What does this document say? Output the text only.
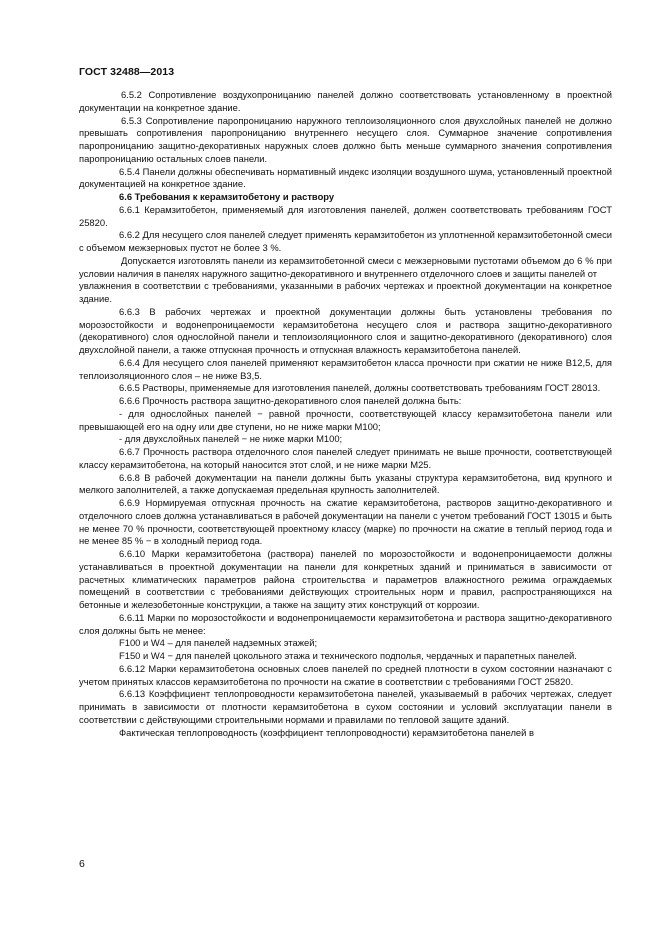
ГОСТ 32488—2013

6.5.2 Сопротивление воздухопроницанию панелей должно соответствовать установленному в проектной документации на конкретное здание.

6.5.3 Сопротивление паропроницанию наружного теплоизоляционного слоя двухслойных панелей не должно превышать сопротивления паропроницанию внутреннего несущего слоя. Суммарное значение сопротивления паропроницанию защитно-декоративных наружных слоев должно быть меньше суммарного значения сопротивления паропроницанию остальных слоев панели.

6.5.4 Панели должны обеспечивать нормативный индекс изоляции воздушного шума, установленный проектной документацией на конкретное здание.

6.6 Требования к керамзитобетону и раствору

6.6.1 Керамзитобетон, применяемый для изготовления панелей, должен соответствовать требованиям ГОСТ 25820.

6.6.2 Для несущего слоя панелей следует применять керамзитобетон из уплотненной керамзитобетонной смеси с объемом межзерновых пустот не более 3 %.

Допускается изготовлять панели из керамзитобетонной смеси с межзерновыми пустотами объемом до 6 % при условии наличия в панелях наружного защитно-декоративного и внутреннего отделочного слоев и защиты панелей от

увлажнения в соответствии с требованиями, указанными в рабочих чертежах и проектной документации на конкретное здание.

6.6.3 В рабочих чертежах и проектной документации должны быть установлены требования по морозостойкости и водонепроницаемости керамзитобетона несущего слоя и раствора защитно-декоративного (декоративного) слоя однослойной панели и теплоизоляционного слоя и защитно-декоративного (декоративного) слоя двухслойной панели, а также отпускная прочность и отпускная влажность керамзитобетона панелей.

6.6.4 Для несущего слоя панелей применяют керамзитобетон класса прочности при сжатии не ниже В12,5, для теплоизоляционного слоя – не ниже В3,5.

6.6.5 Растворы, применяемые для изготовления панелей, должны соответствовать требованиям ГОСТ 28013.

6.6.6 Прочность раствора защитно-декоративного слоя панелей должна быть:

- для однослойных панелей − равной прочности, соответствующей классу керамзитобетона панели или превышающей его на одну или две ступени, но не ниже марки М100;

- для двухслойных панелей − не ниже марки М100;

6.6.7 Прочность раствора отделочного слоя панелей следует принимать не выше прочности, соответствующей классу керамзитобетона, на который наносится этот слой, и не ниже марки М25.

6.6.8 В рабочей документации на панели должны быть указаны структура керамзитобетона, вид крупного и мелкого заполнителей, а также допускаемая предельная крупность заполнителей.

6.6.9 Нормируемая отпускная прочность на сжатие керамзитобетона, растворов защитно-декоративного и отделочного слоев должна устанавливаться в рабочей документации на панели с учетом требований ГОСТ 13015 и быть не менее 70 % прочности, соответствующей проектному классу (марке) по прочности на сжатие в теплый период года и не менее 85 % − в холодный период года.

6.6.10 Марки керамзитобетона (раствора) панелей по морозостойкости и водонепроницаемости должны устанавливаться в проектной документации на панели для конкретных зданий и приниматься в зависимости от расчетных климатических параметров района строительства и параметров влажностного режима ограждаемых помещений в соответствии с требованиями действующих строительных норм и правил, распространяющихся на бетонные и железобетонные конструкции, а также на защиту этих конструкций от коррозии.

6.6.11 Марки по морозостойкости и водонепроницаемости керамзитобетона и раствора защитно-декоративного слоя должны быть не менее:

F100 и W4 – для панелей надземных этажей;

F150 и W4 − для панелей цокольного этажа и технического подполья, чердачных и парапетных панелей.

6.6.12 Марки керамзитобетона основных слоев панелей по средней плотности в сухом состоянии назначают с учетом принятых классов керамзитобетона по прочности на сжатие в соответствии с требованиями ГОСТ 25820.

6.6.13 Коэффициент теплопроводности керамзитобетона панелей, указываемый в рабочих чертежах, следует принимать в зависимости от плотности керамзитобетона в сухом состоянии и условий эксплуатации панели в соответствии с действующими строительными нормами и правилами по тепловой защите зданий.

Фактическая теплопроводность (коэффициент теплопроводности) керамзитобетона панелей в

6
